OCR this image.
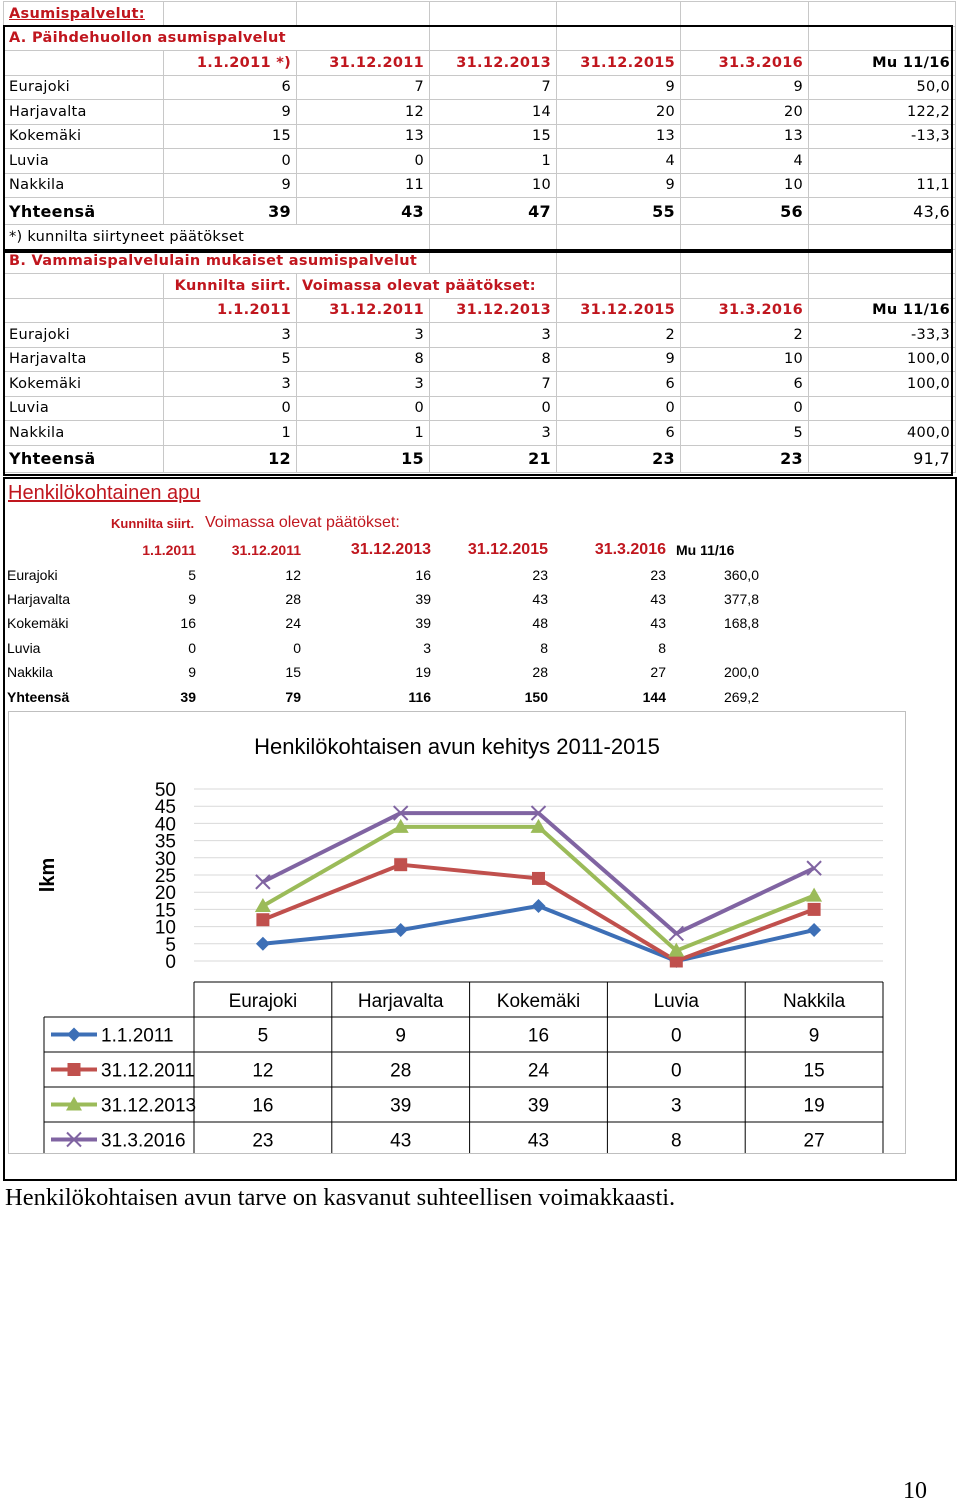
Asumispalvelut:						
A. Päihdehuollon asumispalvelut						
	1.1.2011 *)	31.12.2011	31.12.2013	31.12.2015	31.3.2016	Mu 11/16
Eurajoki	6	7	7	9	9	50,0
Harjavalta	9	12	14	20	20	122,2
Kokemäki	15	13	15	13	13	-13,3
Luvia	0	0	1	4	4	
Nakkila	9	11	10	9	10	11,1
Yhteensä	39	43	47	55	56	43,6
*) kunnilta siirtyneet päätökset						
B. Vammaispalvelulain mukaiset asumispalvelut						
	Kunnilta siirt.	Voimassa olevat päätökset:				
	1.1.2011	31.12.2011	31.12.2013	31.12.2015	31.3.2016	Mu 11/16
Eurajoki	3	3	3	2	2	-33,3
Harjavalta	5	8	8	9	10	100,0
Kokemäki	3	3	7	6	6	100,0
Luvia	0	0	0	0	0	
Nakkila	1	1	3	6	5	400,0
Yhteensä	12	15	21	23	23	91,7
Henkilökohtainen apu
Kunnilta siirt. Voimassa olevat päätökset:
	1.1.2011	31.12.2011	31.12.2013	31.12.2015	31.3.2016	Mu 11/16
Eurajoki	5	12	16	23	23	360,0
Harjavalta	9	28	39	43	43	377,8
Kokemäki	16	24	39	48	43	168,8
Luvia	0	0	3	8	8	
Nakkila	9	15	19	28	27	200,0
Yhteensä	39	79	116	150	144	269,2
Henkilökohtaisen avun kehitys 2011-2015
lkm
0
5
10
15
20
25
30
35
40
45
50
Eurajoki	Harjavalta	Kokemäki	Luvia	Nakkila
1.1.2011	5	9	16	0	9
31.12.2011	12	28	24	0	15
31.12.2013	16	39	39	3	19
31.3.2016	23	43	43	8	27
Henkilökohtaisen avun tarve on kasvanut suhteellisen voimakkaasti.
10
